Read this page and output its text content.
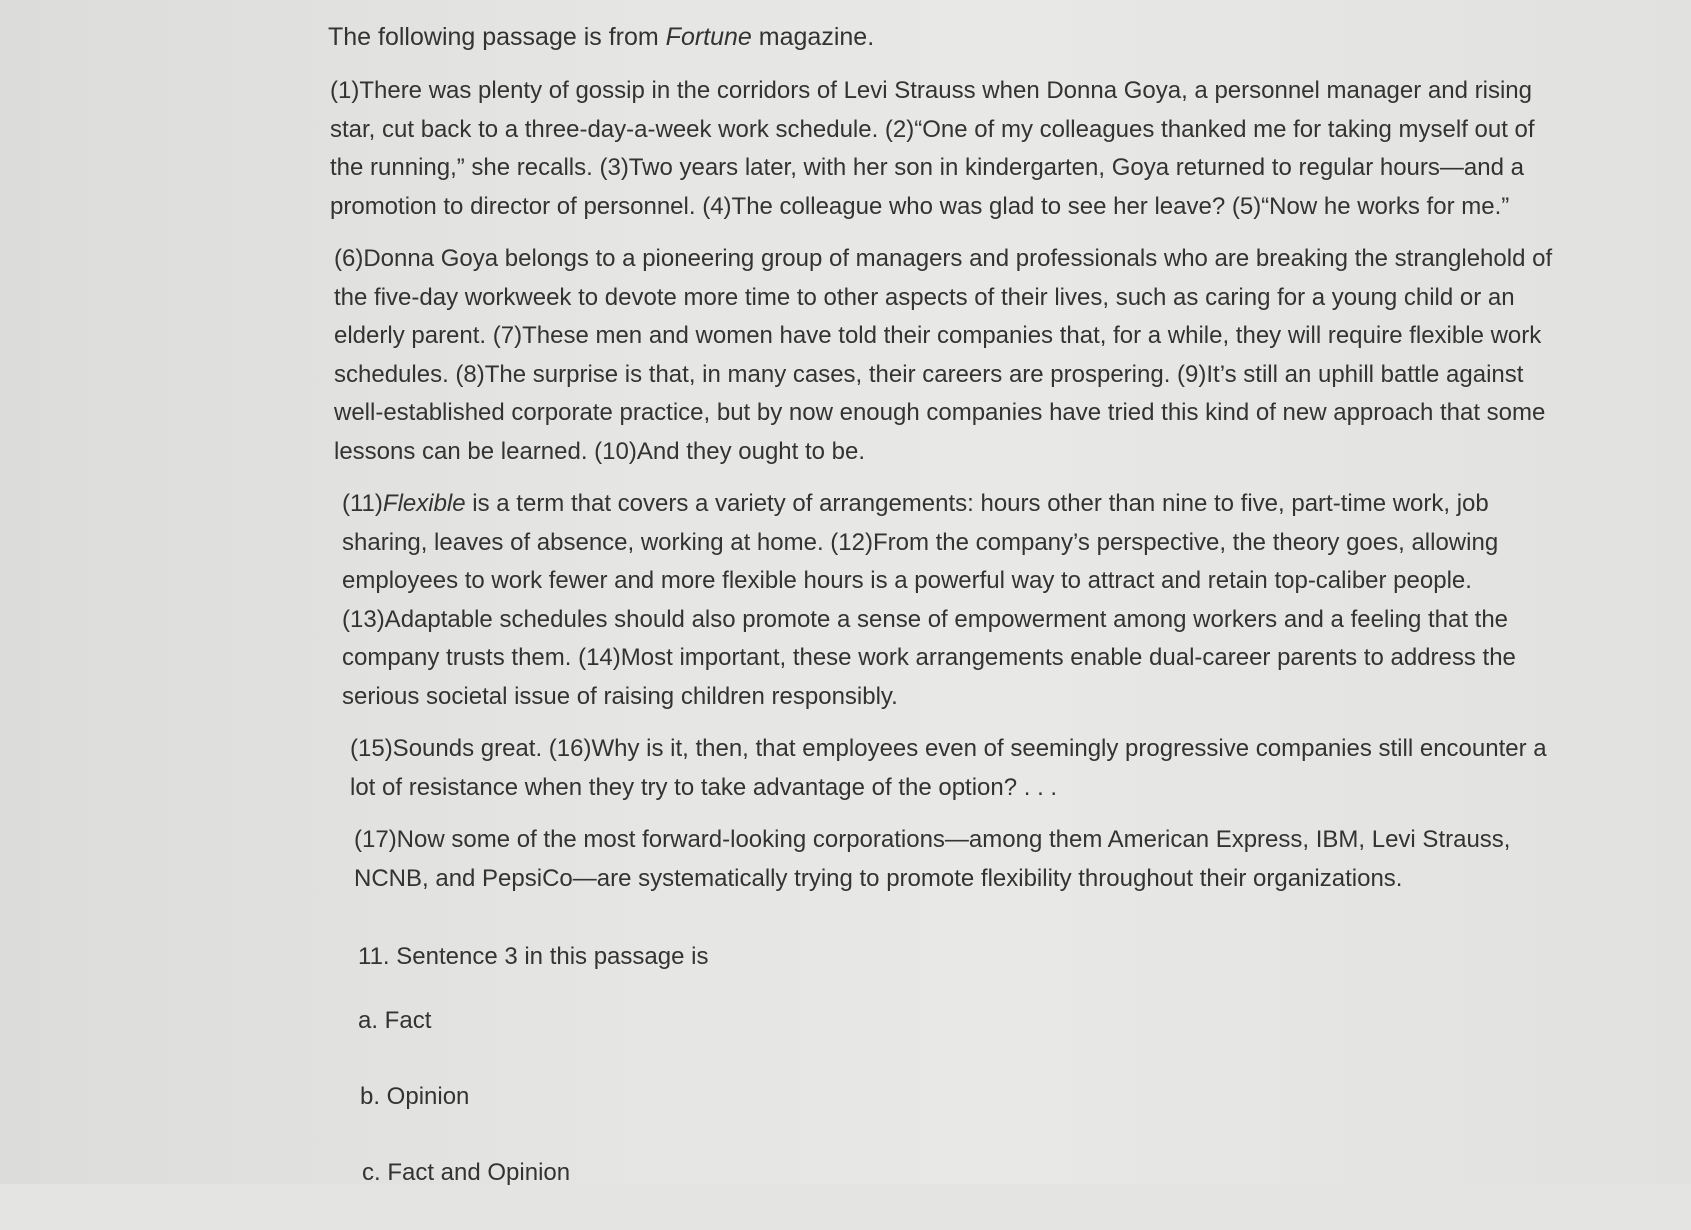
The following passage is from Fortune magazine.

(1)There was plenty of gossip in the corridors of Levi Strauss when Donna Goya, a personnel manager and rising star, cut back to a three-day-a-week work schedule. (2)“One of my colleagues thanked me for taking myself out of the running,” she recalls. (3)Two years later, with her son in kindergarten, Goya returned to regular hours—and a promotion to director of personnel. (4)The colleague who was glad to see her leave? (5)“Now he works for me.”

(6)Donna Goya belongs to a pioneering group of managers and professionals who are breaking the stranglehold of the five-day workweek to devote more time to other aspects of their lives, such as caring for a young child or an elderly parent. (7)These men and women have told their companies that, for a while, they will require flexible work schedules. (8)The surprise is that, in many cases, their careers are prospering. (9)It’s still an uphill battle against well-established corporate practice, but by now enough companies have tried this kind of new approach that some lessons can be learned. (10)And they ought to be.

(11)Flexible is a term that covers a variety of arrangements: hours other than nine to five, part-time work, job sharing, leaves of absence, working at home. (12)From the company’s perspective, the theory goes, allowing employees to work fewer and more flexible hours is a powerful way to attract and retain top-caliber people. (13)Adaptable schedules should also promote a sense of empowerment among workers and a feeling that the company trusts them. (14)Most important, these work arrangements enable dual-career parents to address the serious societal issue of raising children responsibly.

(15)Sounds great. (16)Why is it, then, that employees even of seemingly progressive companies still encounter a lot of resistance when they try to take advantage of the option? . . .

(17)Now some of the most forward-looking corporations—among them American Express, IBM, Levi Strauss, NCNB, and PepsiCo—are systematically trying to promote flexibility throughout their organizations.

11. Sentence 3 in this passage is
a. Fact
b. Opinion
c. Fact and Opinion
